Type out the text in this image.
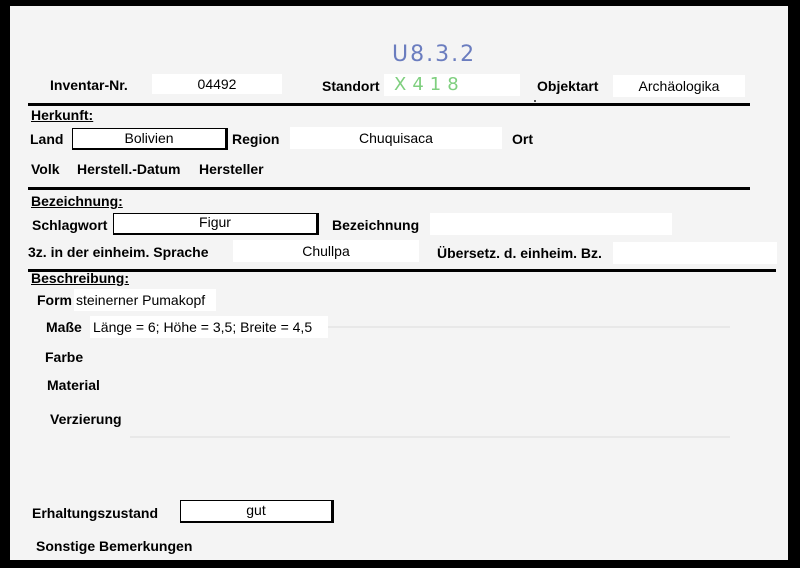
U8.3.2
Inventar-Nr.	04492	Standort X418	Objektart	Archäologika
Herkunft:
Land	Bolivien	Region	Chuquisaca	Ort
Volk Herstell.-Datum Hersteller
Bezeichnung:
Schlagwort	Figur	Bezeichnung
3z. in der einheim. Sprache	Chullpa	Übersetz. d. einheim. Bz.
Beschreibung:
Form steinerner Pumakopf
Maße Länge = 6; Höhe = 3,5; Breite = 4,5
Farbe
Material
Verzierung
Erhaltungszustand	gut
Sonstige Bemerkungen
